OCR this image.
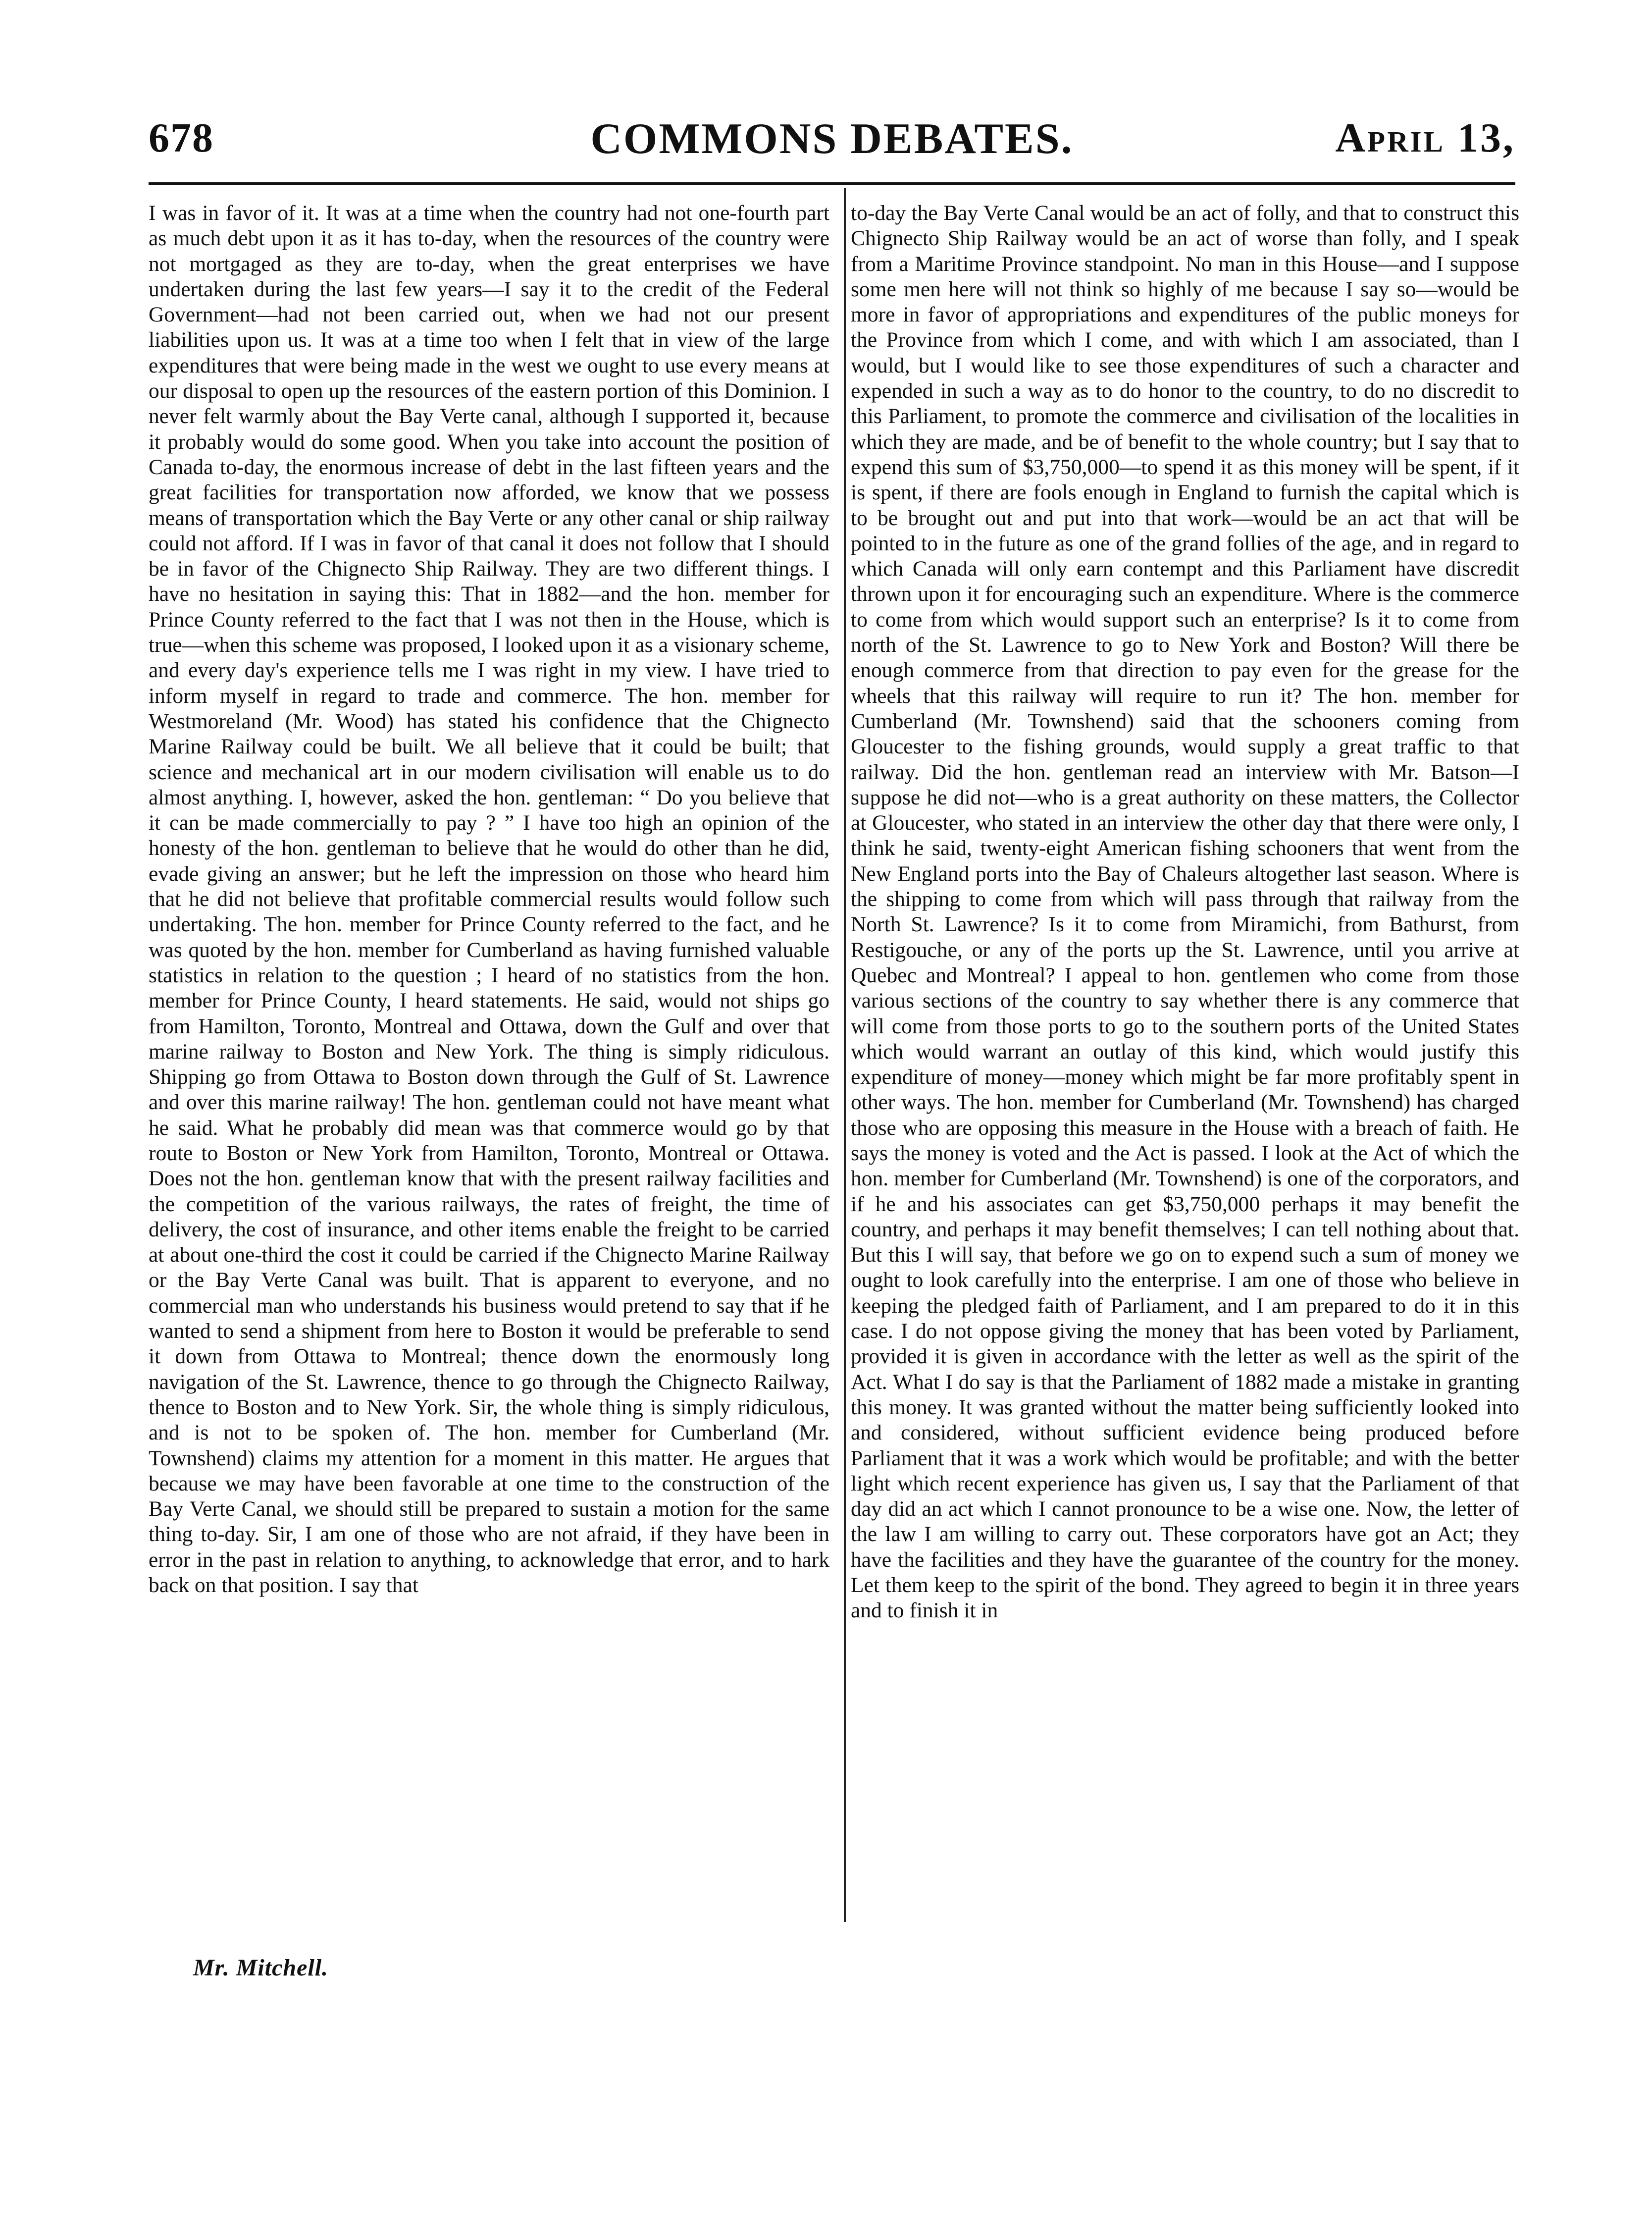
678	COMMONS DEBATES.	April 13,

I was in favor of it. It was at a time when the country had not one-fourth part as much debt upon it as it has to-day, when the resources of the country were not mortgaged as they are to-day, when the great enterprises we have undertaken during the last few years—I say it to the credit of the Federal Government—had not been carried out, when we had not our present liabilities upon us. It was at a time too when I felt that in view of the large expenditures that were being made in the west we ought to use every means at our disposal to open up the resources of the eastern portion of this Dominion. I never felt warmly about the Bay Verte canal, although I supported it, because it probably would do some good. When you take into account the position of Canada to-day, the enormous increase of debt in the last fifteen years and the great facilities for transportation now afforded, we know that we possess means of transportation which the Bay Verte or any other canal or ship railway could not afford. If I was in favor of that canal it does not follow that I should be in favor of the Chignecto Ship Railway. They are two different things. I have no hesitation in saying this: That in 1882—and the hon. member for Prince County referred to the fact that I was not then in the House, which is true—when this scheme was proposed, I looked upon it as a visionary scheme, and every day's experience tells me I was right in my view. I have tried to inform myself in regard to trade and commerce. The hon. member for Westmoreland (Mr. Wood) has stated his confidence that the Chignecto Marine Railway could be built. We all believe that it could be built; that science and mechanical art in our modern civilisation will enable us to do almost anything. I, however, asked the hon. gentleman: “ Do you believe that it can be made commercially to pay ? ” I have too high an opinion of the honesty of the hon. gentleman to believe that he would do other than he did, evade giving an answer; but he left the impression on those who heard him that he did not believe that profitable commercial results would follow such undertaking. The hon. member for Prince County referred to the fact, and he was quoted by the hon. member for Cumberland as having furnished valuable statistics in relation to the question ; I heard of no statistics from the hon. member for Prince County, I heard statements. He said, would not ships go from Hamilton, Toronto, Montreal and Ottawa, down the Gulf and over that marine railway to Boston and New York. The thing is simply ridiculous. Shipping go from Ottawa to Boston down through the Gulf of St. Lawrence and over this marine railway! The hon. gentleman could not have meant what he said. What he probably did mean was that commerce would go by that route to Boston or New York from Hamilton, Toronto, Montreal or Ottawa. Does not the hon. gentleman know that with the present railway facilities and the competition of the various railways, the rates of freight, the time of delivery, the cost of insurance, and other items enable the freight to be carried at about one-third the cost it could be carried if the Chignecto Marine Railway or the Bay Verte Canal was built. That is apparent to everyone, and no commercial man who understands his business would pretend to say that if he wanted to send a shipment from here to Boston it would be preferable to send it down from Ottawa to Montreal; thence down the enormously long navigation of the St. Lawrence, thence to go through the Chignecto Railway, thence to Boston and to New York. Sir, the whole thing is simply ridiculous, and is not to be spoken of. The hon. member for Cumberland (Mr. Townshend) claims my attention for a moment in this matter. He argues that because we may have been favorable at one time to the construction of the Bay Verte Canal, we should still be prepared to sustain a motion for the same thing to-day. Sir, I am one of those who are not afraid, if they have been in error in the past in relation to anything, to acknowledge that error, and to hark back on that position. I say that

to-day the Bay Verte Canal would be an act of folly, and that to construct this Chignecto Ship Railway would be an act of worse than folly, and I speak from a Maritime Province standpoint. No man in this House—and I suppose some men here will not think so highly of me because I say so—would be more in favor of appropriations and expenditures of the public moneys for the Province from which I come, and with which I am associated, than I would, but I would like to see those expenditures of such a character and expended in such a way as to do honor to the country, to do no discredit to this Parliament, to promote the commerce and civilisation of the localities in which they are made, and be of benefit to the whole country; but I say that to expend this sum of $3,750,000—to spend it as this money will be spent, if it is spent, if there are fools enough in England to furnish the capital which is to be brought out and put into that work—would be an act that will be pointed to in the future as one of the grand follies of the age, and in regard to which Canada will only earn contempt and this Parliament have discredit thrown upon it for encouraging such an expenditure. Where is the commerce to come from which would support such an enterprise? Is it to come from north of the St. Lawrence to go to New York and Boston? Will there be enough commerce from that direction to pay even for the grease for the wheels that this railway will require to run it? The hon. member for Cumberland (Mr. Townshend) said that the schooners coming from Gloucester to the fishing grounds, would supply a great traffic to that railway. Did the hon. gentleman read an interview with Mr. Batson—I suppose he did not—who is a great authority on these matters, the Collector at Gloucester, who stated in an interview the other day that there were only, I think he said, twenty-eight American fishing schooners that went from the New England ports into the Bay of Chaleurs altogether last season. Where is the shipping to come from which will pass through that railway from the North St. Lawrence? Is it to come from Miramichi, from Bathurst, from Restigouche, or any of the ports up the St. Lawrence, until you arrive at Quebec and Montreal? I appeal to hon. gentlemen who come from those various sections of the country to say whether there is any commerce that will come from those ports to go to the southern ports of the United States which would warrant an outlay of this kind, which would justify this expenditure of money—money which might be far more profitably spent in other ways. The hon. member for Cumberland (Mr. Townshend) has charged those who are opposing this measure in the House with a breach of faith. He says the money is voted and the Act is passed. I look at the Act of which the hon. member for Cumberland (Mr. Townshend) is one of the corporators, and if he and his associates can get $3,750,000 perhaps it may benefit the country, and perhaps it may benefit themselves; I can tell nothing about that. But this I will say, that before we go on to expend such a sum of money we ought to look carefully into the enterprise. I am one of those who believe in keeping the pledged faith of Parliament, and I am prepared to do it in this case. I do not oppose giving the money that has been voted by Parliament, provided it is given in accordance with the letter as well as the spirit of the Act. What I do say is that the Parliament of 1882 made a mistake in granting this money. It was granted without the matter being sufficiently looked into and considered, without sufficient evidence being produced before Parliament that it was a work which would be profitable; and with the better light which recent experience has given us, I say that the Parliament of that day did an act which I cannot pronounce to be a wise one. Now, the letter of the law I am willing to carry out. These corporators have got an Act; they have the facilities and they have the guarantee of the country for the money. Let them keep to the spirit of the bond. They agreed to begin it in three years and to finish it in

Mr. Mitchell.
